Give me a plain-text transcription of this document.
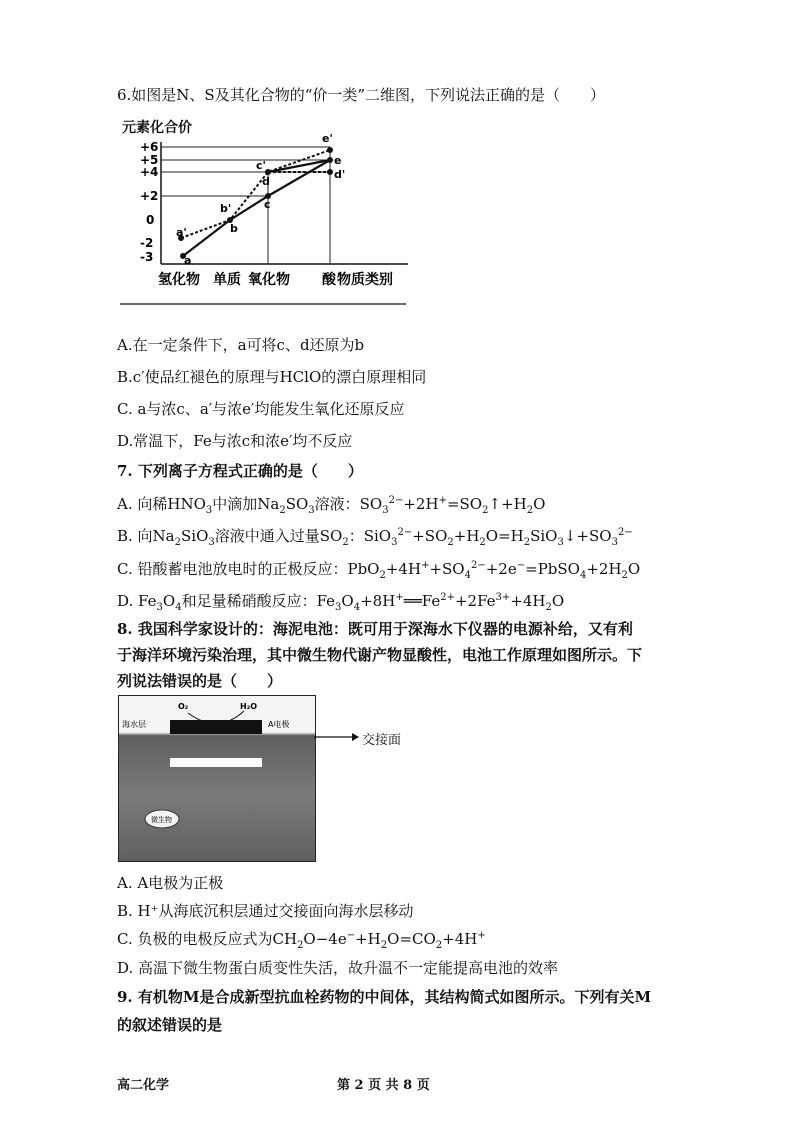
6.如图是N、S及其化合物的“价一类”二维图，下列说法正确的是（　　）
元素化合价
+6
+5
+4
+2
0
-2
-3
a'
a
b'
b
c'
d
c
e'
e
d'
氢化物 单质 氧化物 酸 物质类别
A.在一定条件下，a可将c、d还原为b
B.c′使品红褪色的原理与HClO的漂白原理相同
C. a与浓c、a′与浓e′均能发生氧化还原反应
D.常温下，Fe与浓c和浓e′均不反应
7. 下列离子方程式正确的是（　　）
A. 向稀$HNO_3$中滴加$Na_2SO_3$溶液：$SO_3^{2-}+2H^+=SO_2↑+H_2O$
B. 向$Na_2SiO_3$溶液中通入过量$SO_2$：$SiO_3^{2-}+SO_2+H_2O=H_2SiO_3↓+SO_3^{2-}$
C. 铅酸蓄电池放电时的正极反应：$PbO_2+4H^++SO_4^{2-}+2e^-=PbSO_4+2H_2O$
D. $Fe_3O_4$和足量稀硝酸反应：$Fe_3O_4+8H^+══Fe^{2+}+2Fe^{3+}+4H_2O$
8. 我国科学家设计的：海泥电池：既可用于深海水下仪器的电源补给，又有利
于海洋环境污染治理，其中微生物代谢产物显酸性，电池工作原理如图所示。下
列说法错误的是（　　）
O₂	H₂O
海水层	A电极
微生物
交接面
A. A电极为正极
B. H⁺从海底沉积层通过交接面向海水层移动
C. 负极的电极反应式为$CH_2O-4e^-+H_2O=CO_2+4H^+$
D. 高温下微生物蛋白质变性失活，故升温不一定能提高电池的效率
9. 有机物M是合成新型抗血栓药物的中间体，其结构简式如图所示。下列有关M
的叙述错误的是
高二化学	第 2 页 共 8 页
